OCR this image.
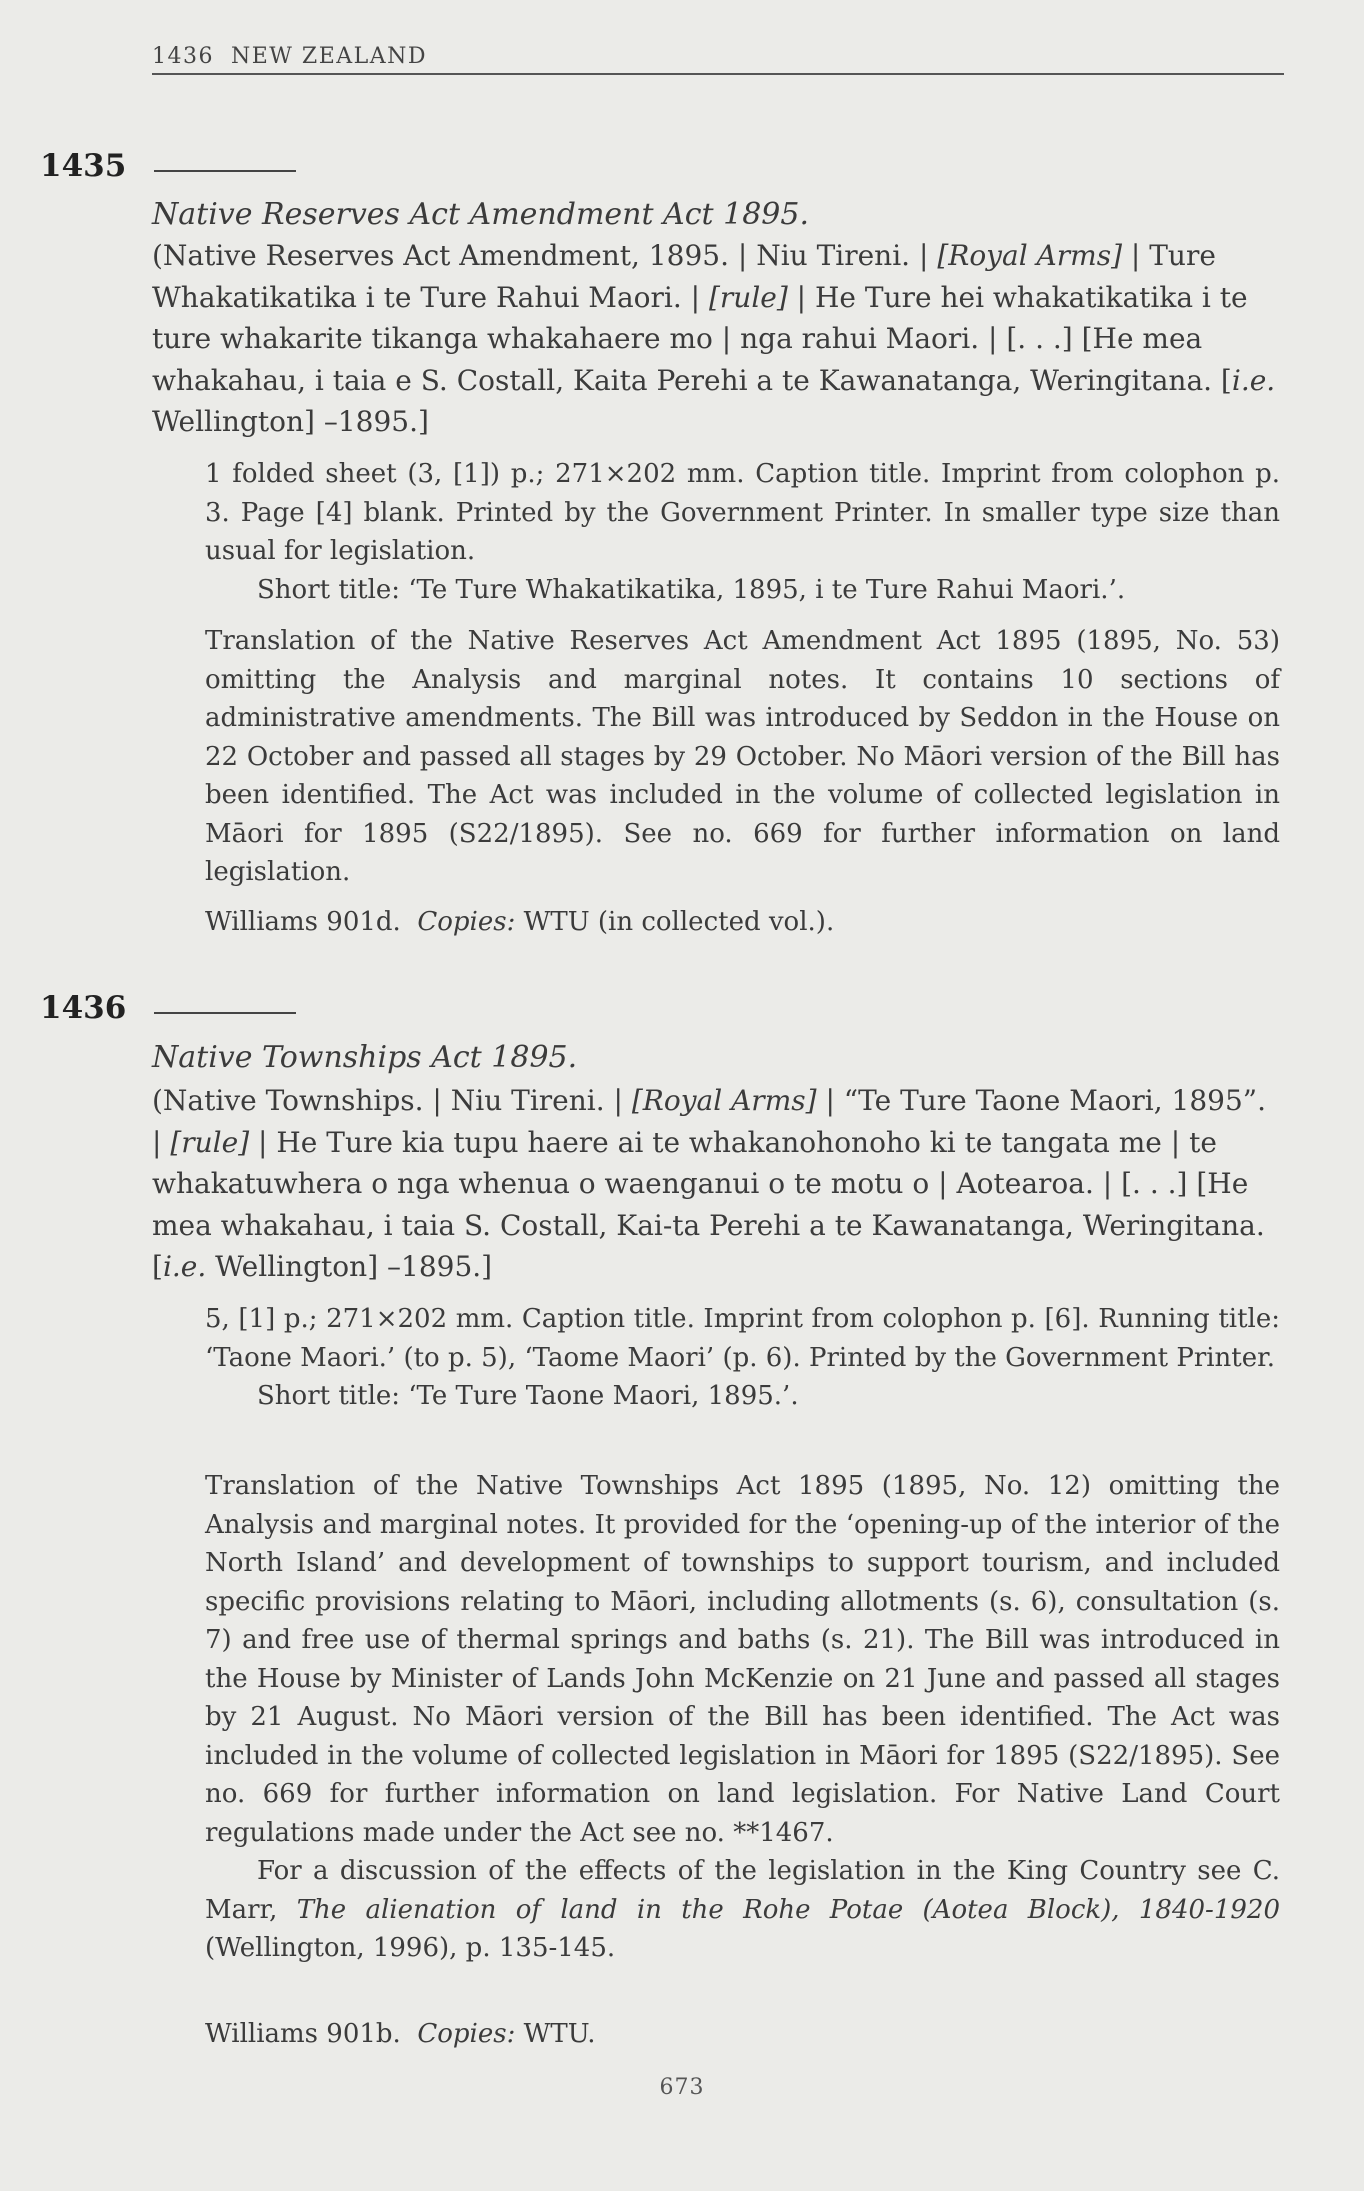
1436 NEW ZEALAND
1435
Native Reserves Act Amendment Act 1895.
(Native Reserves Act Amendment, 1895. | Niu Tireni. | [Royal Arms] | Ture Whakatikatika i te Ture Rahui Maori. | [rule] | He Ture hei whakatikatika i te ture whakarite tikanga whakahaere mo | nga rahui Maori. | [. . .] [He mea whakahau, i taia e S. Costall, Kaita Perehi a te Kawanatanga, Weringitana. [i.e. Wellington] –1895.]

1 folded sheet (3, [1]) p.; 271×202 mm. Caption title. Imprint from colophon p. 3. Page [4] blank. Printed by the Government Printer. In smaller type size than usual for legislation.

Short title: ‘Te Ture Whakatikatika, 1895, i te Ture Rahui Maori.’.

Translation of the Native Reserves Act Amendment Act 1895 (1895, No. 53) omitting the Analysis and marginal notes. It contains 10 sections of administrative amendments. The Bill was introduced by Seddon in the House on 22 October and passed all stages by 29 October. No Māori version of the Bill has been identified. The Act was included in the volume of collected legislation in Māori for 1895 (S22/1895). See no. 669 for further information on land legislation.
Williams 901d. Copies: WTU (in collected vol.).
1436
Native Townships Act 1895.
(Native Townships. | Niu Tireni. | [Royal Arms] | “Te Ture Taone Maori, 1895”. | [rule] | He Ture kia tupu haere ai te whakanohonoho ki te tangata me | te whakatuwhera o nga whenua o waenganui o te motu o | Aotearoa. | [. . .] [He mea whakahau, i taia S. Costall, Kai-ta Perehi a te Kawanatanga, Weringitana. [i.e. Wellington] –1895.]

5, [1] p.; 271×202 mm. Caption title. Imprint from colophon p. [6]. Running title: ‘Taone Maori.’ (to p. 5), ‘Taome Maori’ (p. 6). Printed by the Government Printer.

Short title: ‘Te Ture Taone Maori, 1895.’.

Translation of the Native Townships Act 1895 (1895, No. 12) omitting the Analysis and marginal notes. It provided for the ‘opening-up of the interior of the North Island’ and development of townships to support tourism, and included specific provisions relating to Māori, including allotments (s. 6), consultation (s. 7) and free use of thermal springs and baths (s. 21). The Bill was introduced in the House by Minister of Lands John McKenzie on 21 June and passed all stages by 21 August. No Māori version of the Bill has been identified. The Act was included in the volume of collected legislation in Māori for 1895 (S22/1895). See no. 669 for further information on land legislation. For Native Land Court regulations made under the Act see no. **1467.

For a discussion of the effects of the legislation in the King Country see C. Marr, The alienation of land in the Rohe Potae (Aotea Block), 1840-1920 (Wellington, 1996), p. 135-145.

Williams 901b. Copies: WTU.
673
